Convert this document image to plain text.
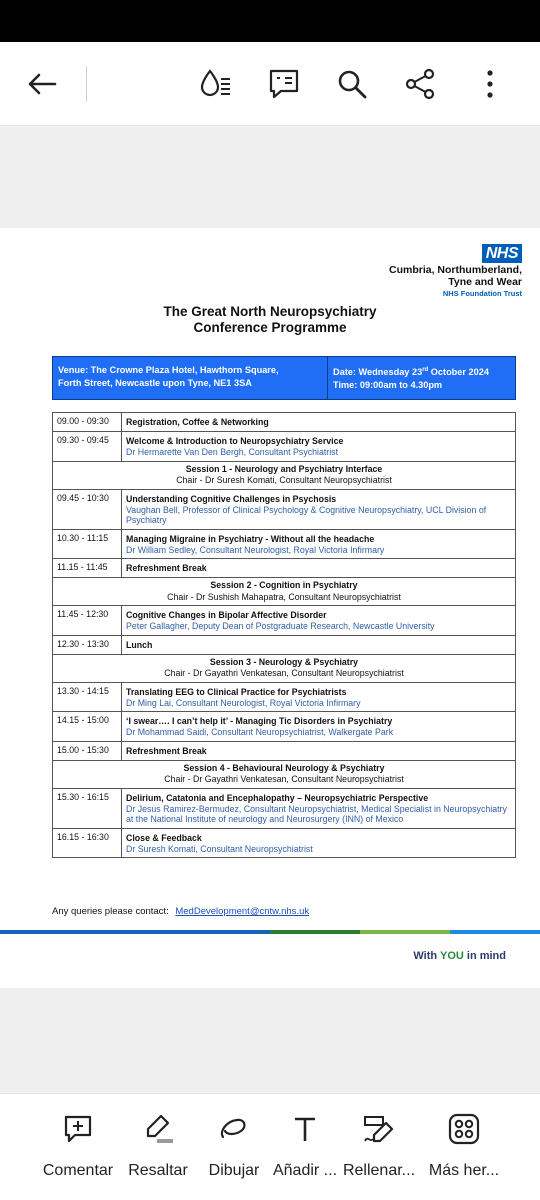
NHS
Cumbria, Northumberland,
Tyne and Wear
NHS Foundation Trust
The Great North Neuropsychiatry
Conference Programme
Venue: The Crowne Plaza Hotel, Hawthorn Square,
Forth Street, Newcastle upon Tyne, NE1 3SA
Date: Wednesday 23rd October 2024
Time: 09:00am to 4.30pm
09.00 - 09:30	Registration, Coffee & Networking
09.30 - 09:45	Welcome & Introduction to Neuropsychiatry Service
Dr Hermarette Van Den Bergh, Consultant Psychiatrist
Session 1 - Neurology and Psychiatry Interface
Chair - Dr Suresh Komati, Consultant Neuropsychiatrist
09.45 - 10:30	Understanding Cognitive Challenges in Psychosis
Vaughan Bell, Professor of Clinical Psychology & Cognitive Neuropsychiatry, UCL Division of Psychiatry
10.30 - 11:15	Managing Migraine in Psychiatry - Without all the headache
Dr William Sedley, Consultant Neurologist, Royal Victoria Infirmary
11.15 - 11:45	Refreshment Break
Session 2 - Cognition in Psychiatry
Chair - Dr Sushish Mahapatra, Consultant Neuropsychiatrist
11.45 - 12:30	Cognitive Changes in Bipolar Affective Disorder
Peter Gallagher, Deputy Dean of Postgraduate Research, Newcastle University
12.30 - 13:30	Lunch
Session 3 - Neurology & Psychiatry
Chair - Dr Gayathri Venkatesan, Consultant Neuropsychiatrist
13.30 - 14:15	Translating EEG to Clinical Practice for Psychiatrists
Dr Ming Lai, Consultant Neurologist, Royal Victoria Infirmary
14.15 - 15:00	‘I swear…. I can’t help it’ - Managing Tic Disorders in Psychiatry
Dr Mohammad Saidi, Consultant Neuropsychiatrist, Walkergate Park
15.00 - 15:30	Refreshment Break
Session 4 - Behavioural Neurology & Psychiatry
Chair - Dr Gayathri Venkatesan, Consultant Neuropsychiatrist
15.30 - 16:15	Delirium, Catatonia and Encephalopathy – Neuropsychiatric Perspective
Dr Jesus Ramirez-Bermudez, Consultant Neuropsychiatrist, Medical Specialist in Neuropsychiatry at the National Institute of neurology and Neurosurgery (INN) of Mexico
16.15 - 16:30	Close & Feedback
Dr Suresh Komati, Consultant Neuropsychiatrist
Any queries please contact: MedDevelopment@cntw.nhs.uk
With YOU in mind
Comentar Resaltar	Dibujar Añadir ... Rellenar... Más her...
